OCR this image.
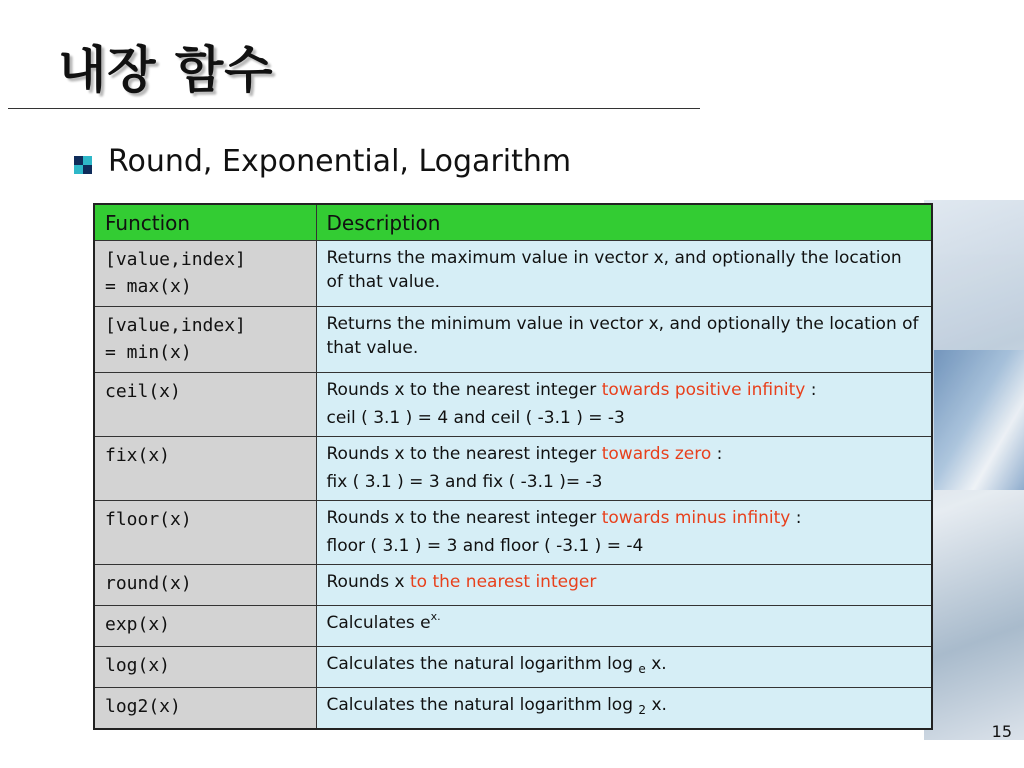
내장 함수
Round, Exponential, Logarithm
Function	Description
[value,index]
= max(x)	Returns the maximum value in vector x, and optionally the location of that value.
[value,index]
= min(x)	Returns the minimum value in vector x, and optionally the location of that value.
ceil(x)	Rounds x to the nearest integer towards positive infinity :
ceil ( 3.1 ) = 4 and ceil ( -3.1 ) = -3

fix(x)	Rounds x to the nearest integer towards zero :
fix ( 3.1 ) = 3 and fix ( -3.1 )= -3

floor(x)	Rounds x to the nearest integer towards minus infinity :
floor ( 3.1 ) = 3 and floor ( -3.1 ) = -4

round(x)	Rounds x to the nearest integer
exp(x)	Calculates $e^{x.}$
log(x)	Calculates the natural logarithm log $_e$ x.
log2(x)	Calculates the natural logarithm log $_2$ x.
15
